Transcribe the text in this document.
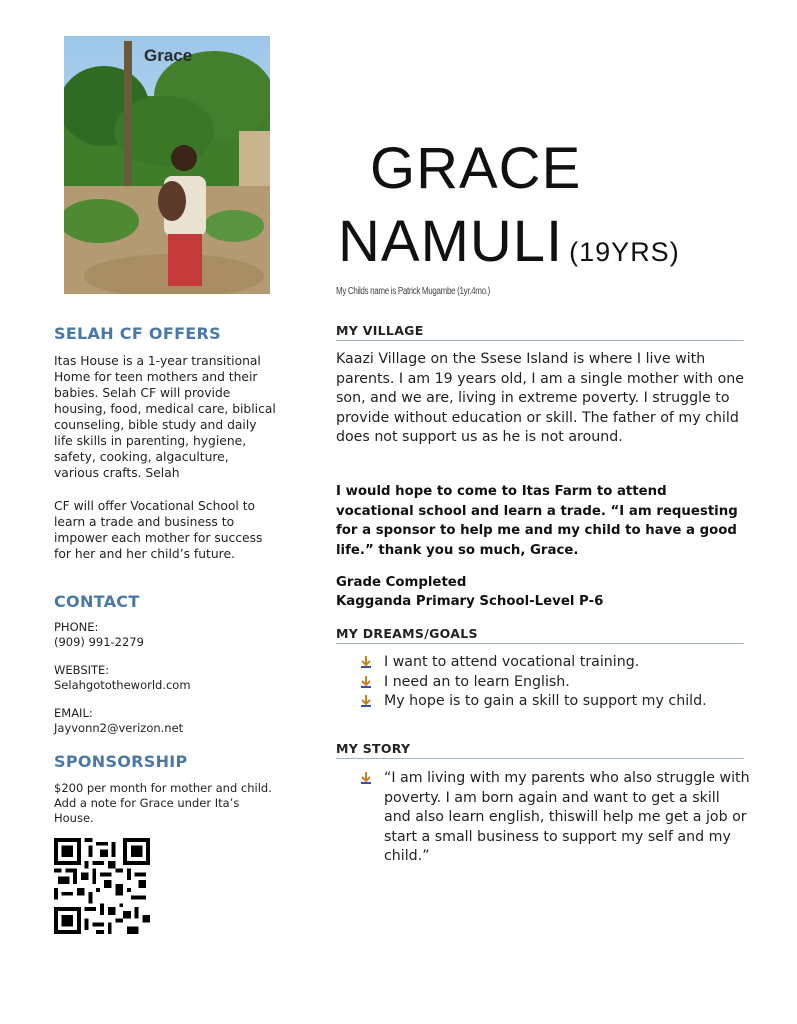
Grace
GRACE
NAMULI (19YRS)
My Childs name is Patrick Mugambe (1yr.4mo.)
SELAH CF OFFERS

Itas House is a 1-year transitional Home for teen mothers and their babies. Selah CF will provide housing, food, medical care, biblical counseling, bible study and daily life skills in parenting, hygiene, safety, cooking, algaculture, various crafts. Selah

CF will offer Vocational School to learn a trade and business to impower each mother for success for her and her child’s future.

CONTACT
PHONE:
(909) 991-2279
WEBSITE:
Selahgototheworld.com
EMAIL:
Jayvonn2@verizon.net
SPONSORSHIP

$200 per month for mother and child. Add a note for Grace under Ita’s House.

MY VILLAGE

Kaazi Village on the Ssese Island is where I live with parents. I am 19 years old, I am a single mother with one son, and we are, living in extreme poverty. I struggle to provide without education or skill. The father of my child does not support us as he is not around.

I would hope to come to Itas Farm to attend vocational school and learn a trade. “I am requesting for a sponsor to help me and my child to have a good life.” thank you so much, Grace.

Grade Completed
Kagganda Primary School-Level P-6
MY DREAMS/GOALS
I want to attend vocational training.
I need an to learn English.
My hope is to gain a skill to support my child.
MY STORY
“I am living with my parents who also struggle with poverty. I am born again and want to get a skill and also learn english, thiswill help me get a job or start a small business to support my self and my child.”
